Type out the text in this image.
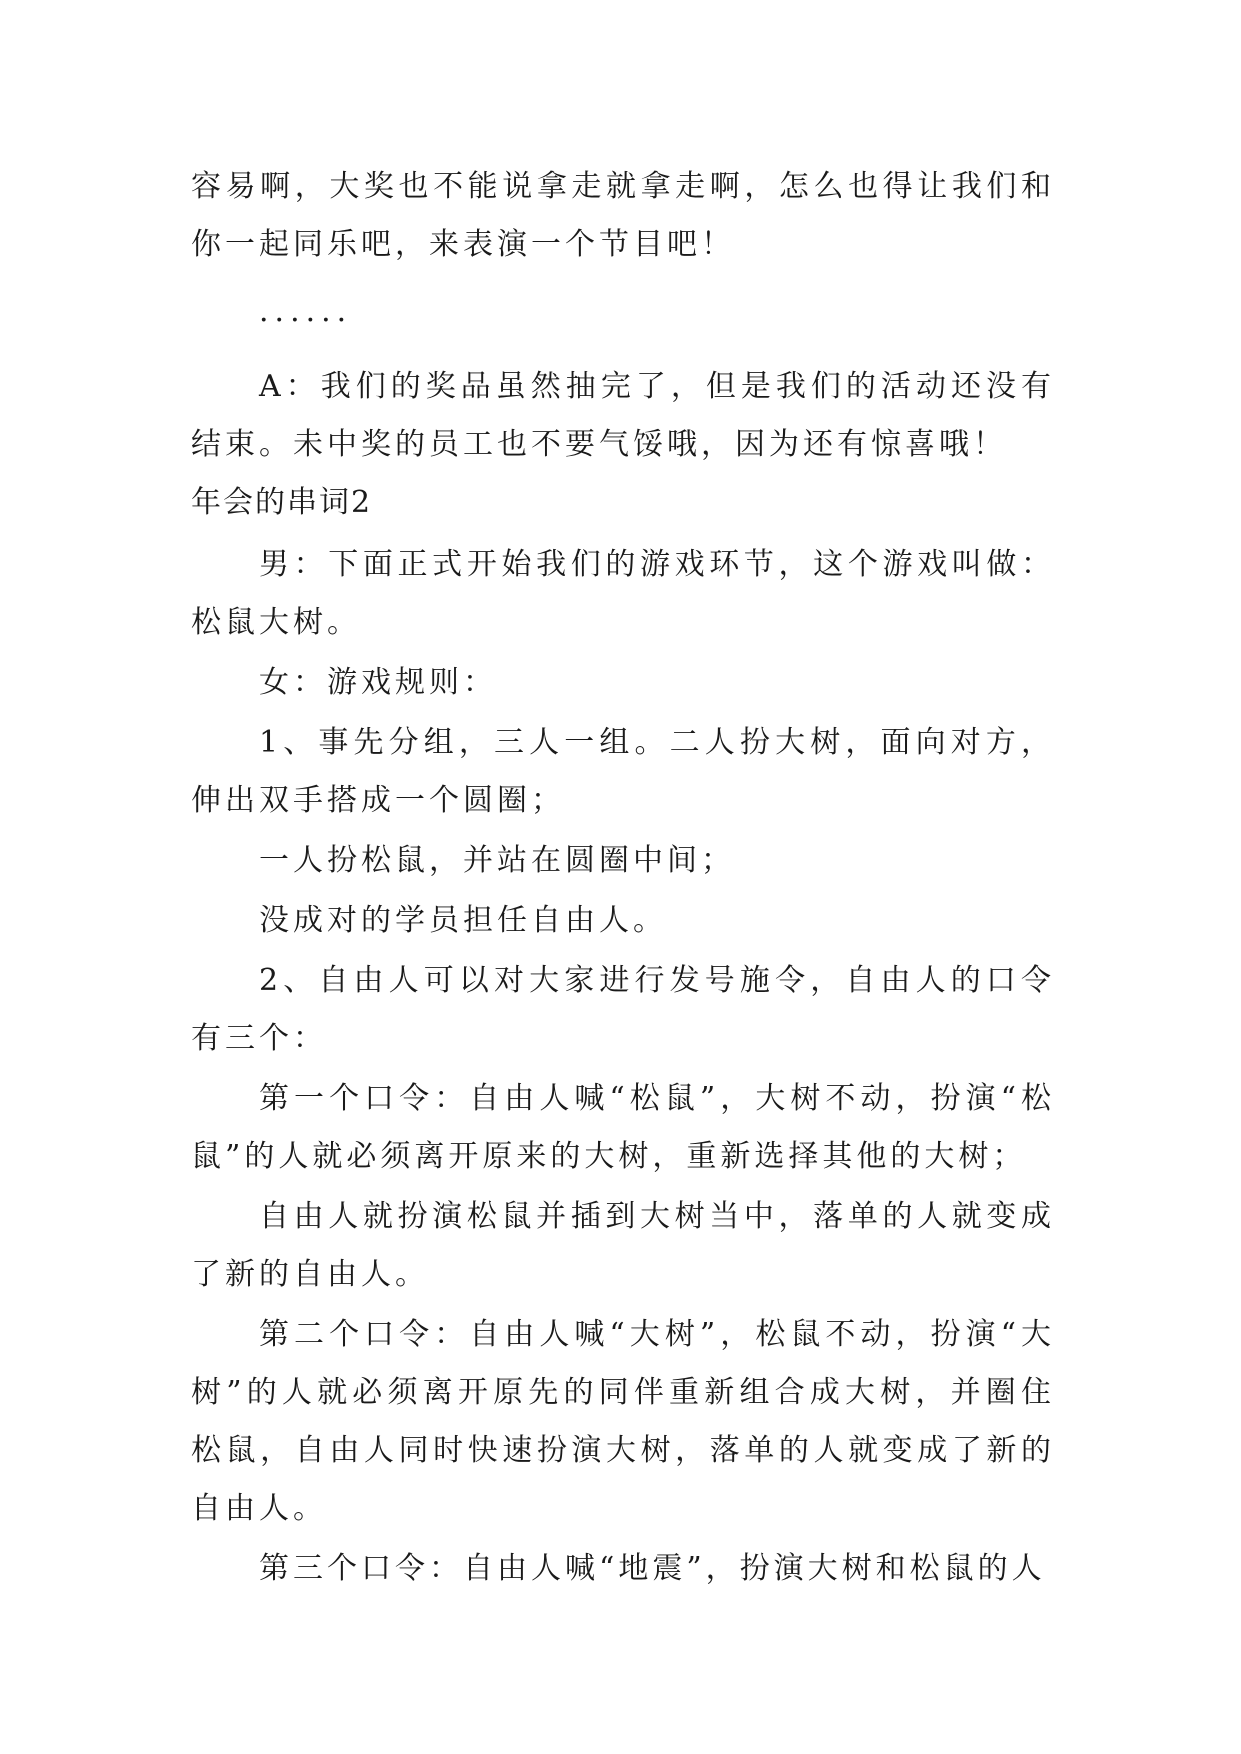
容易啊，大奖也不能说拿走就拿走啊，怎么也得让我们和你一起同乐吧，来表演一个节目吧！

······

A：我们的奖品虽然抽完了，但是我们的活动还没有结束。未中奖的员工也不要气馁哦，因为还有惊喜哦！

年会的串词2

男：下面正式开始我们的游戏环节，这个游戏叫做：松鼠大树。

女：游戏规则：

1、事先分组，三人一组。二人扮大树，面向对方，伸出双手搭成一个圆圈；

一人扮松鼠，并站在圆圈中间；

没成对的学员担任自由人。

2、自由人可以对大家进行发号施令，自由人的口令有三个：

第一个口令：自由人喊“松鼠”，大树不动，扮演“松鼠”的人就必须离开原来的大树，重新选择其他的大树；

自由人就扮演松鼠并插到大树当中，落单的人就变成了新的自由人。

第二个口令：自由人喊“大树”，松鼠不动，扮演“大树”的人就必须离开原先的同伴重新组合成大树，并圈住松鼠，自由人同时快速扮演大树，落单的人就变成了新的自由人。

第三个口令：自由人喊“地震”，扮演大树和松鼠的人
